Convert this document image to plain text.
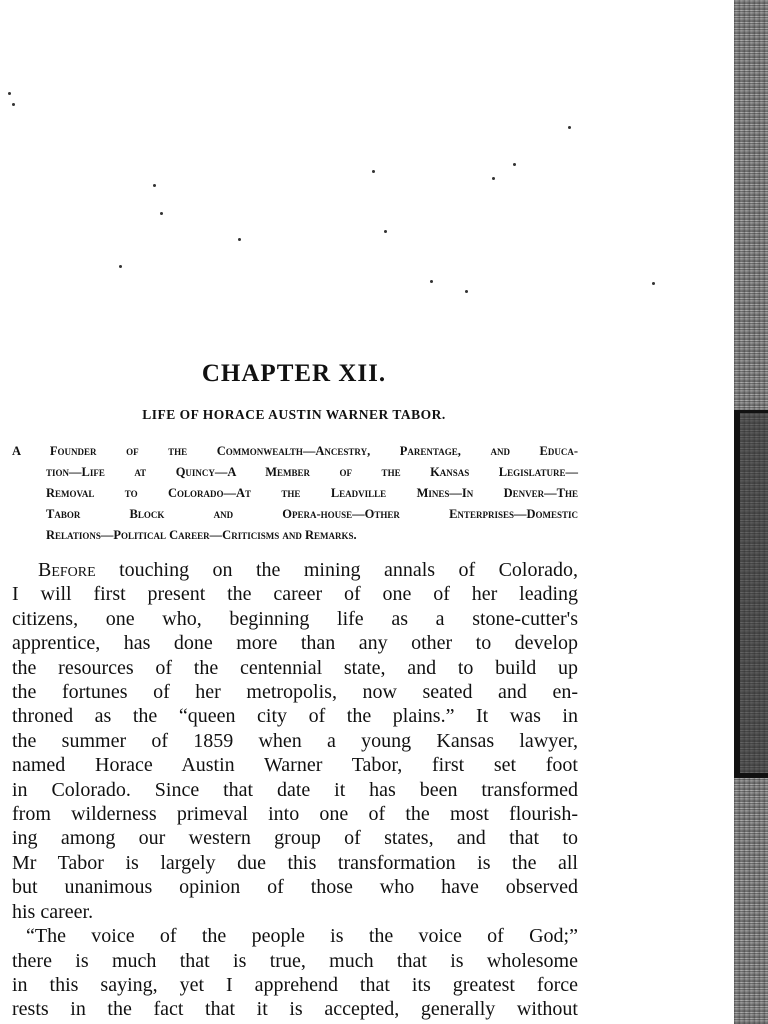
CHAPTER XII.
LIFE OF HORACE AUSTIN WARNER TABOR.
A Founder of the Commonwealth—Ancestry, Parentage, and Educa-
tion—Life at Quincy—A Member of the Kansas Legislature—
Removal to Colorado—At the Leadville Mines—In Denver—The
Tabor Block and Opera-house—Other Enterprises—Domestic
Relations—Political Career—Criticisms and Remarks.
Before touching on the mining annals of Colorado,
I will first present the career of one of her leading
citizens, one who, beginning life as a stone-cutter's
apprentice, has done more than any other to develop
the resources of the centennial state, and to build up
the fortunes of her metropolis, now seated and en-
throned as the “queen city of the plains.” It was in
the summer of 1859 when a young Kansas lawyer,
named Horace Austin Warner Tabor, first set foot
in Colorado. Since that date it has been transformed
from wilderness primeval into one of the most flourish-
ing among our western group of states, and that to
Mr Tabor is largely due this transformation is the all
but unanimous opinion of those who have observed
his career.
“The voice of the people is the voice of God;”
there is much that is true, much that is wholesome
in this saying, yet I apprehend that its greatest force
rests in the fact that it is accepted, generally without
